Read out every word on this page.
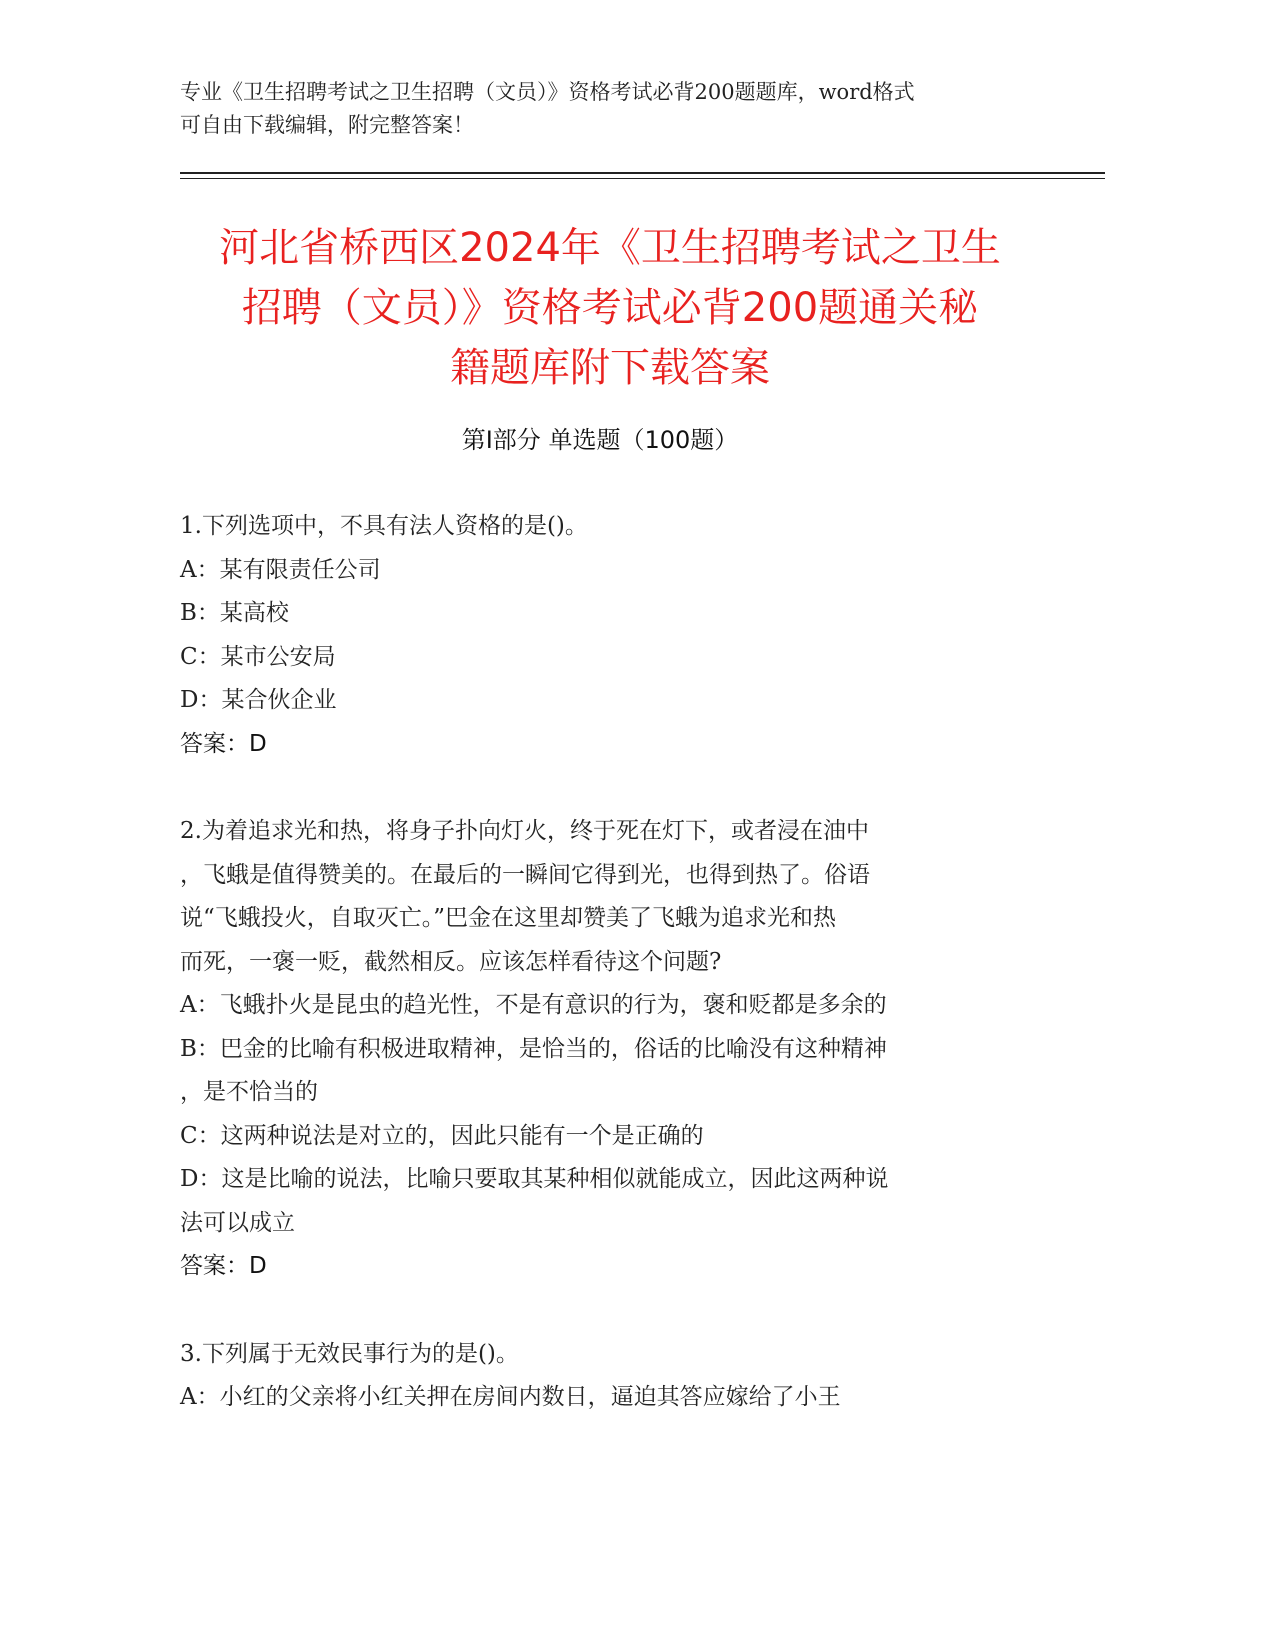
专业《卫生招聘考试之卫生招聘（文员）》资格考试必背200题题库，word格式
可自由下载编辑，附完整答案！
河北省桥西区2024年《卫生招聘考试之卫生
招聘（文员）》资格考试必背200题通关秘
籍题库附下载答案
第Ⅰ部分 单选题（100题）
1.下列选项中，不具有法人资格的是()。
A：某有限责任公司
B：某高校
C：某市公安局
D：某合伙企业
答案：D
2.为着追求光和热，将身子扑向灯火，终于死在灯下，或者浸在油中
，飞蛾是值得赞美的。在最后的一瞬间它得到光，也得到热了。俗语
说“飞蛾投火，自取灭亡。”巴金在这里却赞美了飞蛾为追求光和热
而死，一褒一贬，截然相反。应该怎样看待这个问题?
A：飞蛾扑火是昆虫的趋光性，不是有意识的行为，褒和贬都是多余的
B：巴金的比喻有积极进取精神，是恰当的，俗话的比喻没有这种精神
，是不恰当的
C：这两种说法是对立的，因此只能有一个是正确的
D：这是比喻的说法，比喻只要取其某种相似就能成立，因此这两种说
法可以成立
答案：D
3.下列属于无效民事行为的是()。
A：小红的父亲将小红关押在房间内数日，逼迫其答应嫁给了小王
